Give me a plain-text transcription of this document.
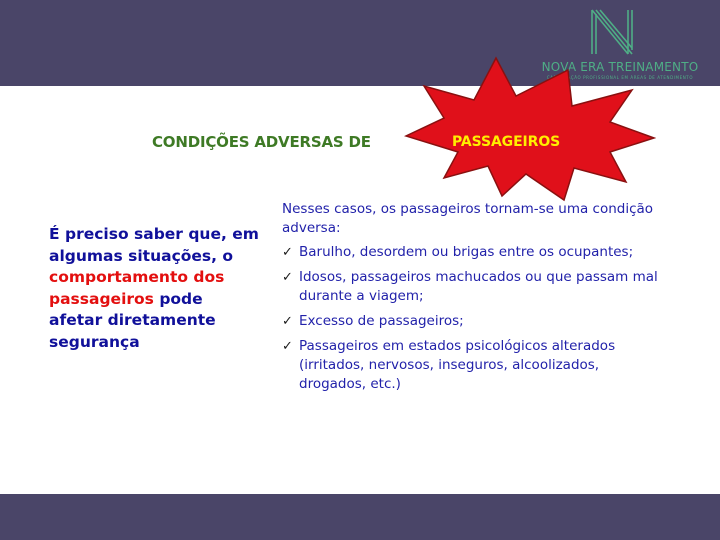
NOVA ERA TREINAMENTO
CAPACITAÇÃO PROFISSIONAL EM ÁREAS DE ATENDIMENTO
CONDIÇÕES ADVERSAS DE	PASSAGEIROS
É preciso saber que, em algumas situações, o comportamento dos passageiros pode afetar diretamente segurança

Nesses casos, os passageiros tornam-se uma condição adversa:

✓ Barulho, desordem ou brigas entre os ocupantes;
✓ Idosos, passageiros machucados ou que passam mal durante a viagem;
✓ Excesso de passageiros;
✓ Passageiros em estados psicológicos alterados (irritados, nervosos, inseguros, alcoolizados, drogados, etc.)
